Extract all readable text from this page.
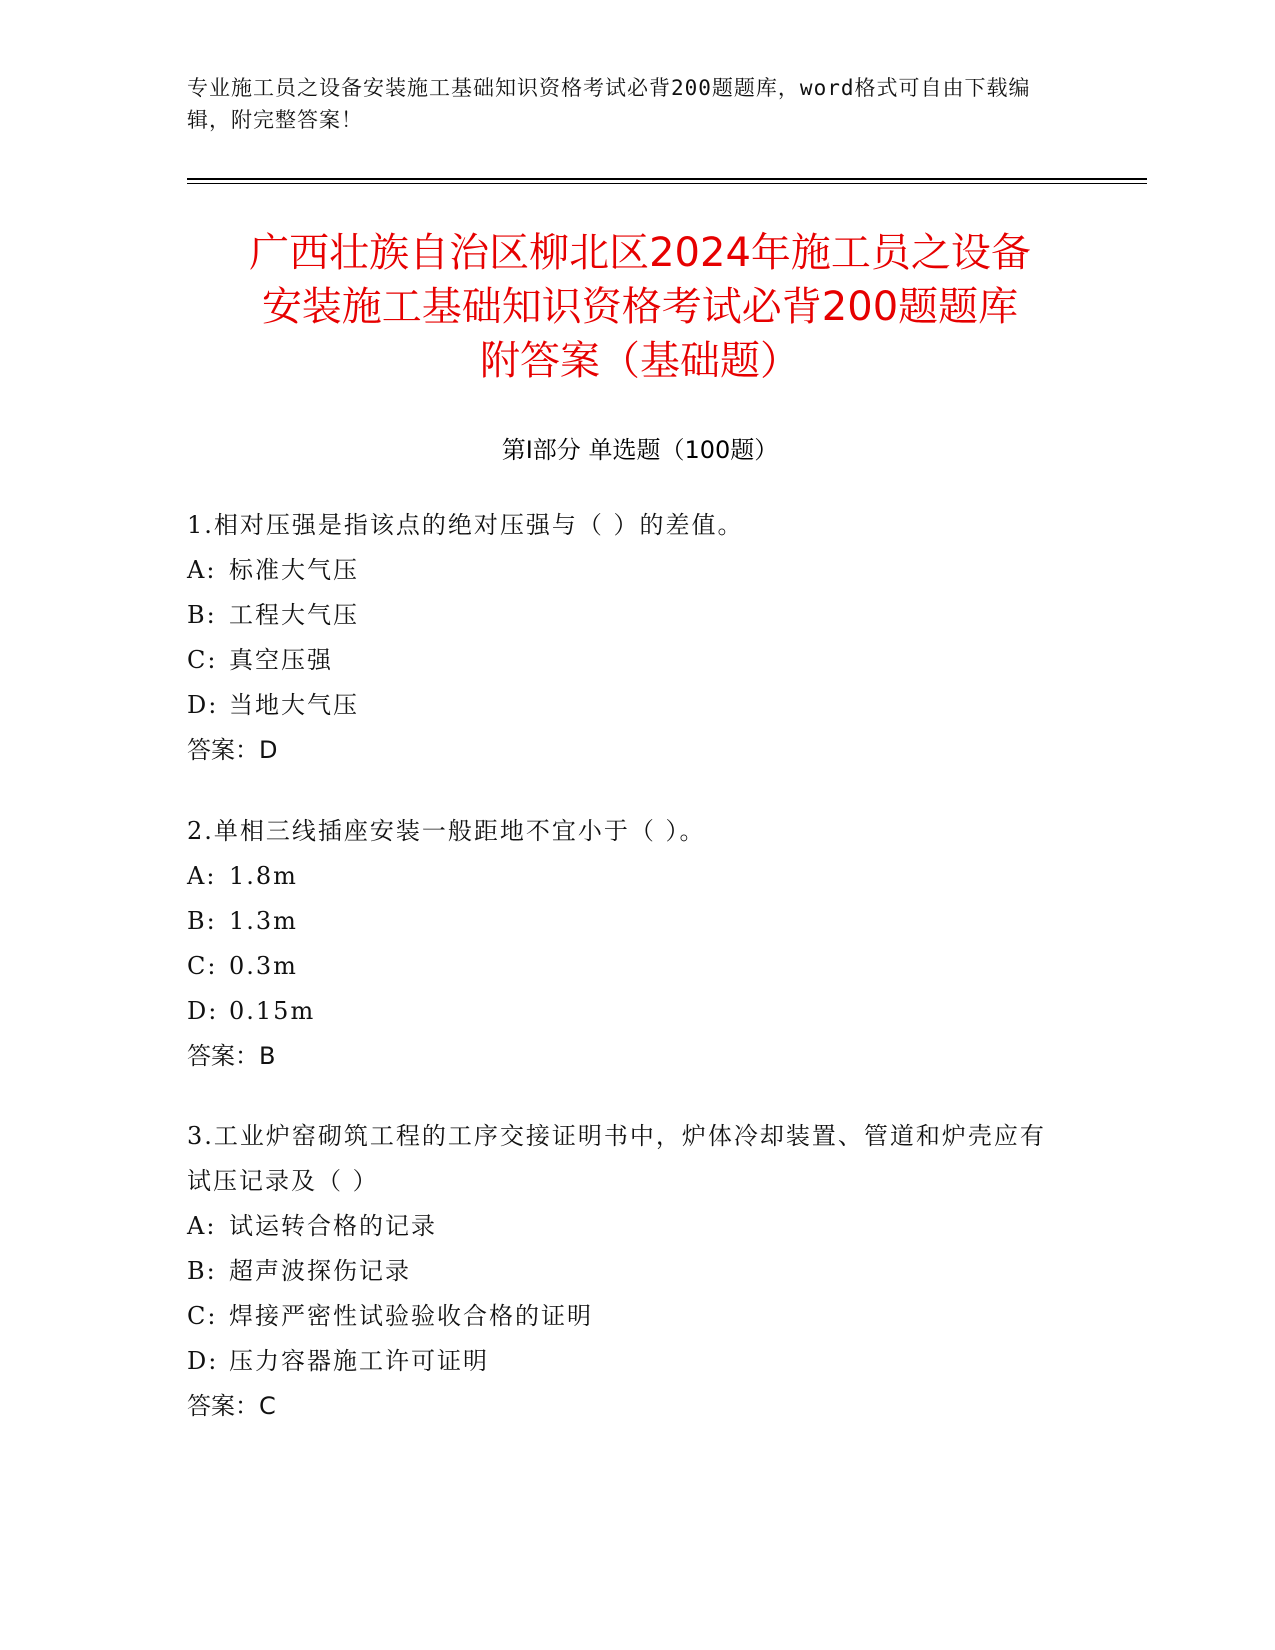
专业施工员之设备安装施工基础知识资格考试必背200题题库，word格式可自由下载编辑，附完整答案！
广西壮族自治区柳北区2024年施工员之设备
安装施工基础知识资格考试必背200题题库
附答案（基础题）
第Ⅰ部分 单选题（100题）
1.相对压强是指该点的绝对压强与（ ）的差值。
A: 标准大气压
B: 工程大气压
C: 真空压强
D: 当地大气压
答案：D
2.单相三线插座安装一般距地不宜小于（ ）。
A: 1.8m
B: 1.3m
C: 0.3m
D: 0.15m
答案：B
3.工业炉窑砌筑工程的工序交接证明书中，炉体冷却装置、管道和炉壳应有试压记录及（ ）
A: 试运转合格的记录
B: 超声波探伤记录
C: 焊接严密性试验验收合格的证明
D: 压力容器施工许可证明
答案：C
